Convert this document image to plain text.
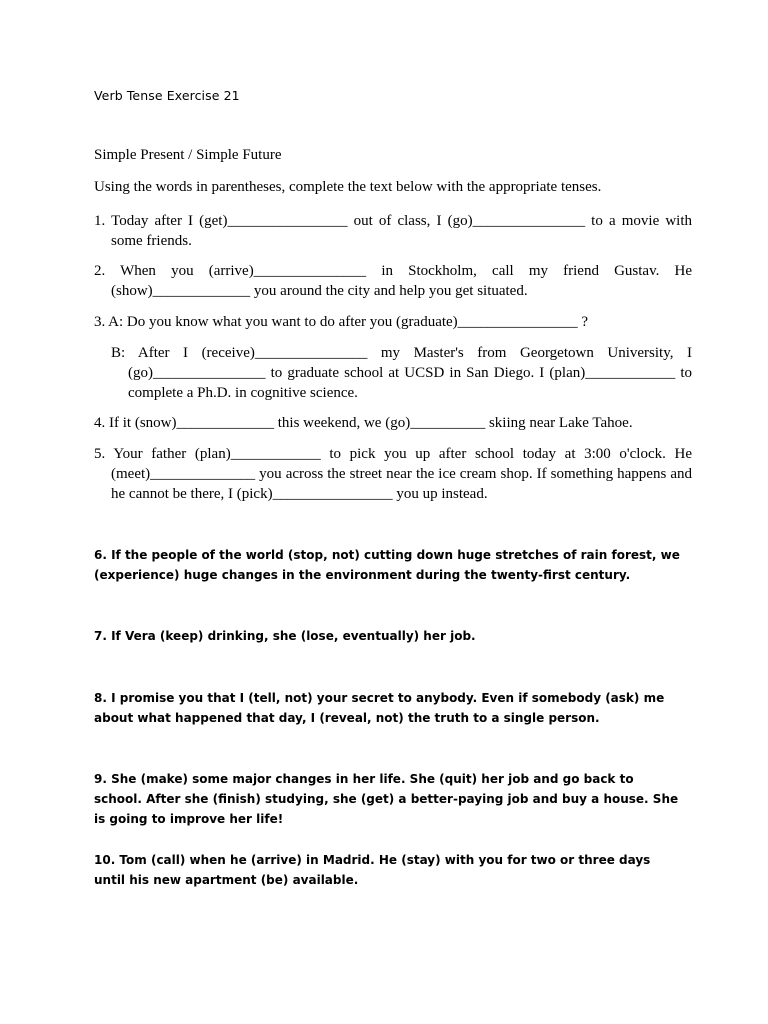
Verb Tense Exercise 21
Simple Present / Simple Future
Using the words in parentheses, complete the text below with the appropriate tenses.
1. Today after I (get)________________ out of class, I (go)_______________ to a movie with some friends.
2. When you (arrive)_______________ in Stockholm, call my friend Gustav. He (show)_____________ you around the city and help you get situated.
3. A: Do you know what you want to do after you (graduate)________________ ?
B: After I (receive)_______________ my Master's from Georgetown University, I (go)_______________ to graduate school at UCSD in San Diego. I (plan)____________ to complete a Ph.D. in cognitive science.
4. If it (snow)_____________ this weekend, we (go)__________ skiing near Lake Tahoe.
5. Your father (plan)____________ to pick you up after school today at 3:00 o'clock. He (meet)______________ you across the street near the ice cream shop. If something happens and he cannot be there, I (pick)________________ you up instead.
6. If the people of the world (stop, not) cutting down huge stretches of rain forest, we (experience) huge changes in the environment during the twenty-first century.
7. If Vera (keep) drinking, she (lose, eventually) her job.
8. I promise you that I (tell, not) your secret to anybody. Even if somebody (ask) me about what happened that day, I (reveal, not) the truth to a single person.
9. She (make) some major changes in her life. She (quit) her job and go back to school. After she (finish) studying, she (get) a better-paying job and buy a house. She is going to improve her life!
10. Tom (call) when he (arrive) in Madrid. He (stay) with you for two or three days until his new apartment (be) available.
